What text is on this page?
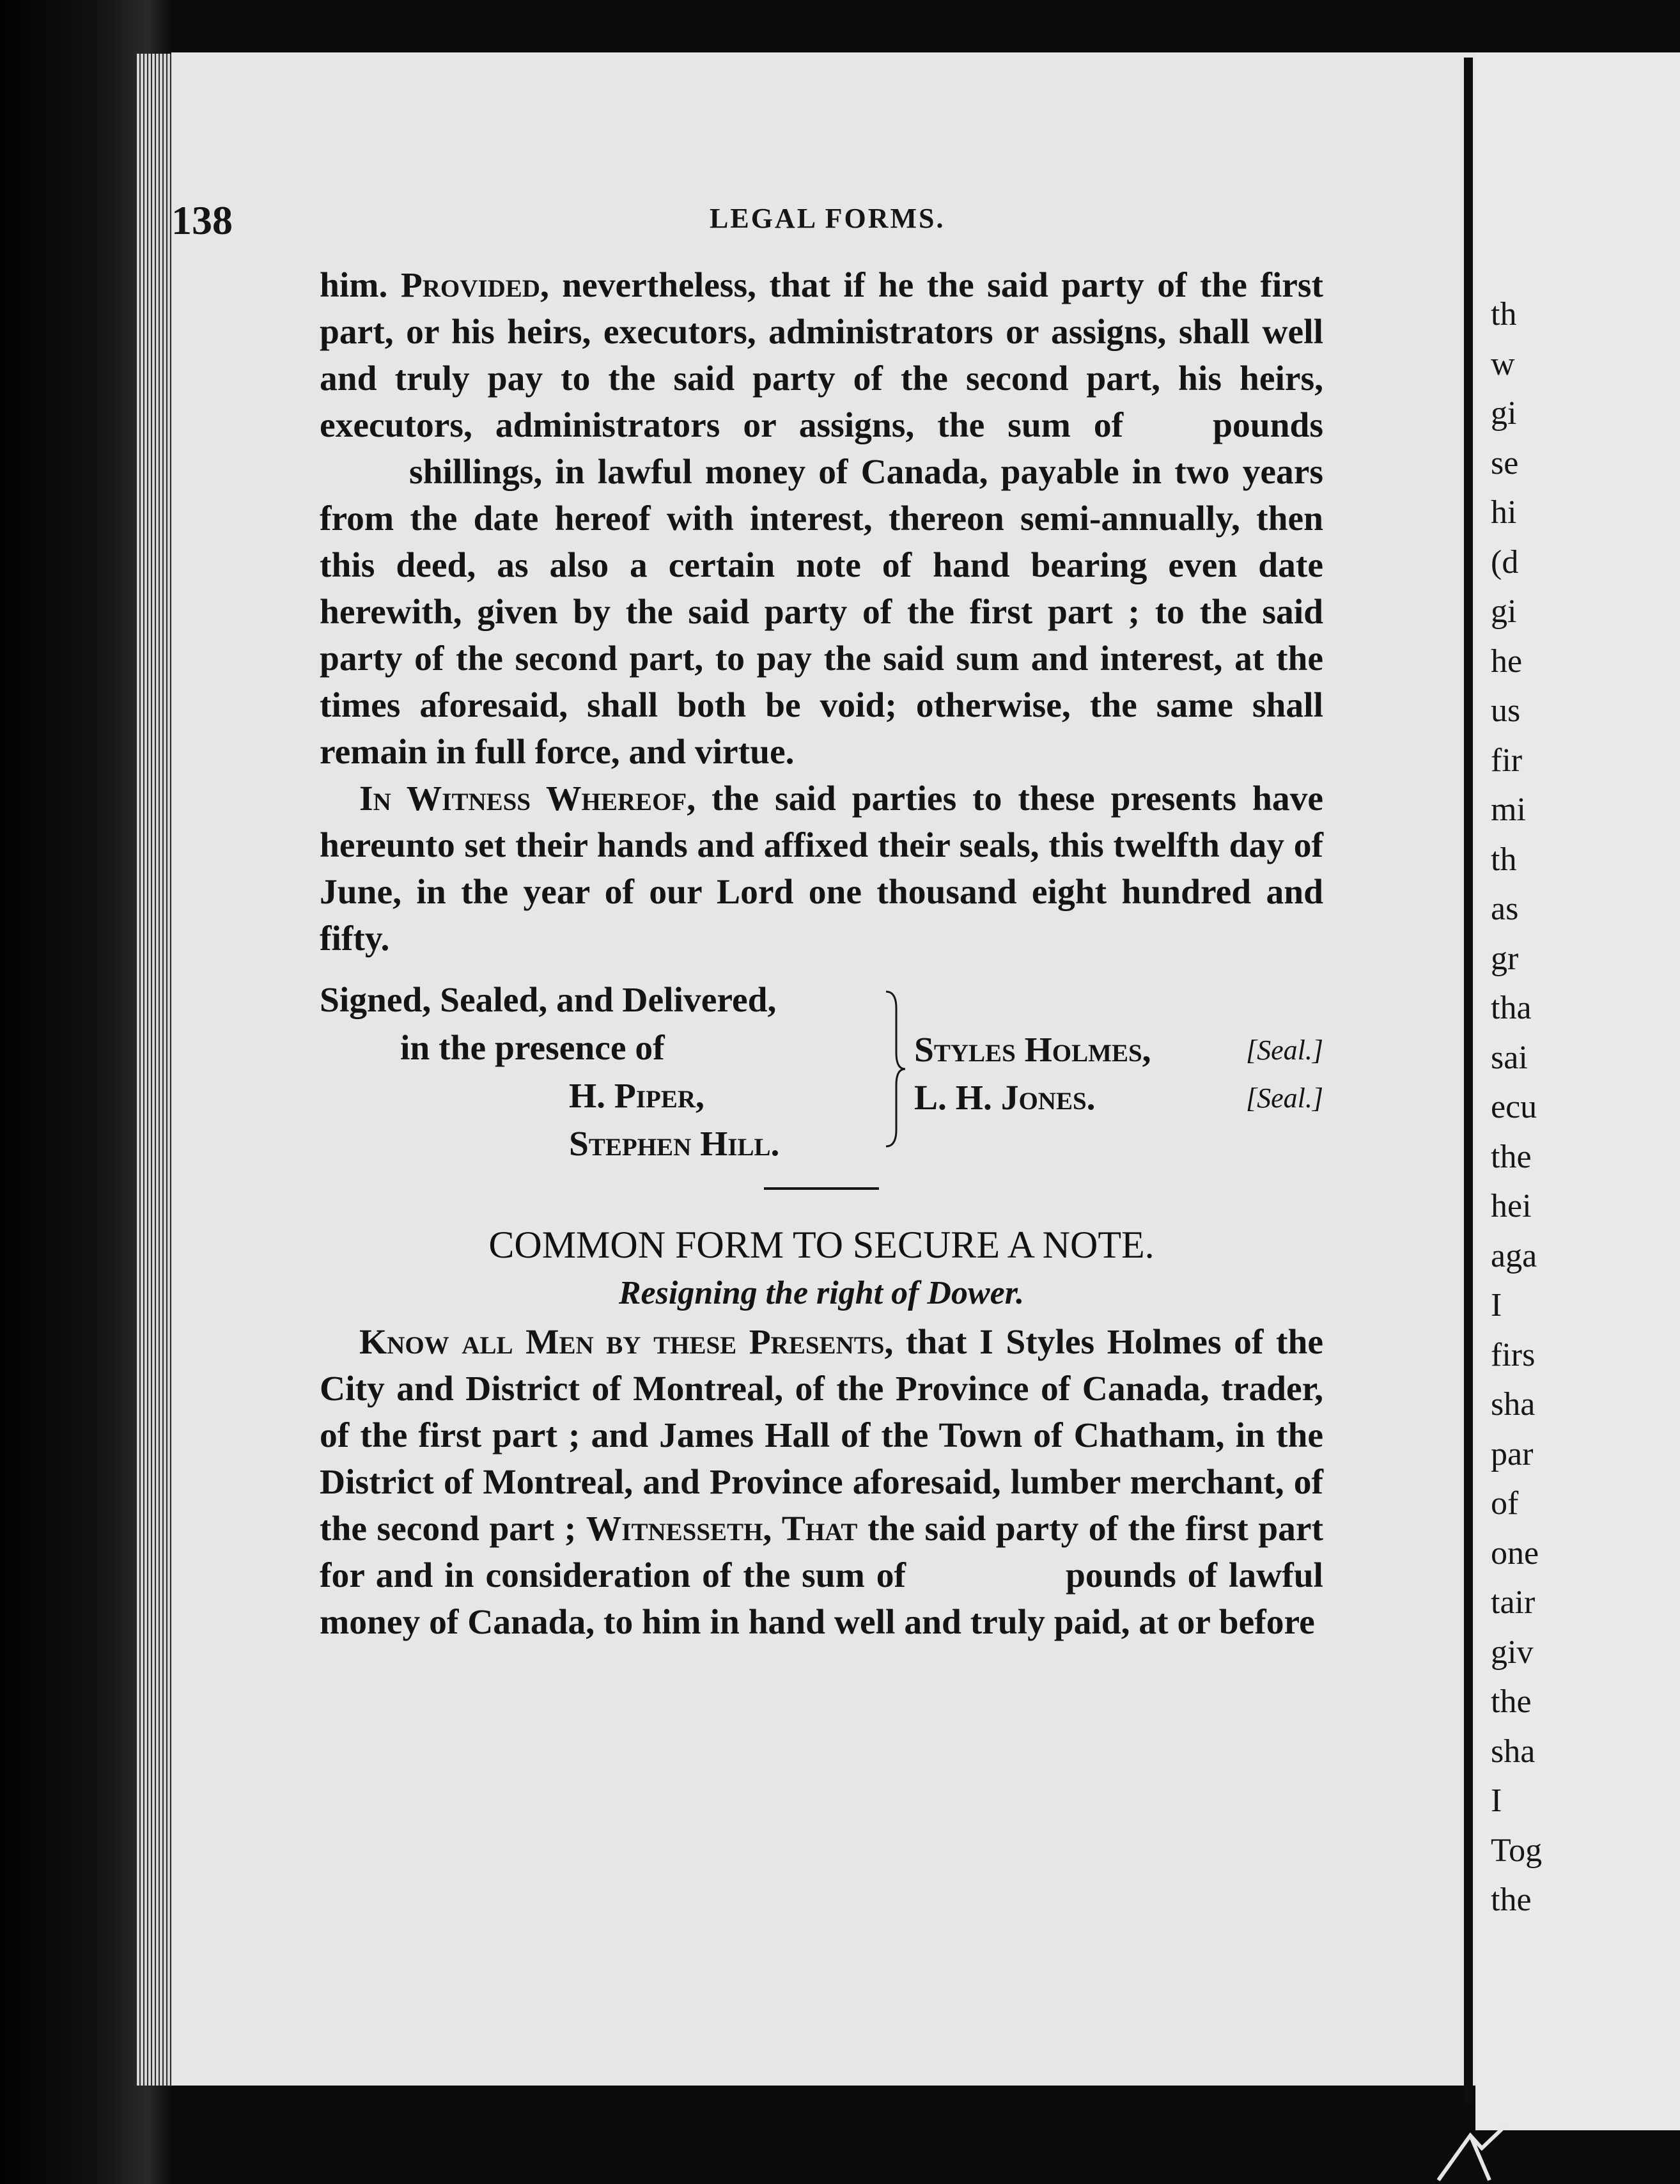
th
w
gi
se
hi
(d
gi
he
us
fir
mi
th
as
gr
tha
sai
ecu
the
hei
aga
I
firs
sha
par
of
one
tair
giv
the
sha
I
Tog
the
138	LEGAL FORMS.

him. Provided, nevertheless, that if he the said party of the first part, or his heirs, executors, administrators or assigns, shall well and truly pay to the said party of the second part, his heirs, executors, administrators or assigns, the sum of	poundsshillings, in lawful money of Canada, payable in two years from the date hereof with interest, thereon semi-annually, then this deed, as also a certain note of hand bearing even date herewith, given by the said party of the first part ; to the said party of the second part, to pay the said sum and interest, at the times aforesaid, shall both be void; otherwise, the same shall remain in full force, and virtue.

In Witness Whereof, the said parties to these presents have hereunto set their hands and affixed their seals, this twelfth day of June, in the year of our Lord one thousand eight hundred and fifty.

Signed, Sealed, and Delivered,
in the presence of
H. Piper,
Stephen Hill.
Styles Holmes,	[Seal.]
L. H. Jones.	[Seal.]
COMMON FORM TO SECURE A NOTE.
Resigning the right of Dower.

Know all Men by these Presents, that I Styles Holmes of the City and District of Montreal, of the Province of Canada, trader, of the first part ; and James Hall of the Town of Chatham, in the District of Montreal, and Province aforesaid, lumber merchant, of the second part ; Witnesseth, That the said party of the first part for and in consideration of the sum of	pounds of lawful money of Canada, to him in hand well and truly paid, at or before
